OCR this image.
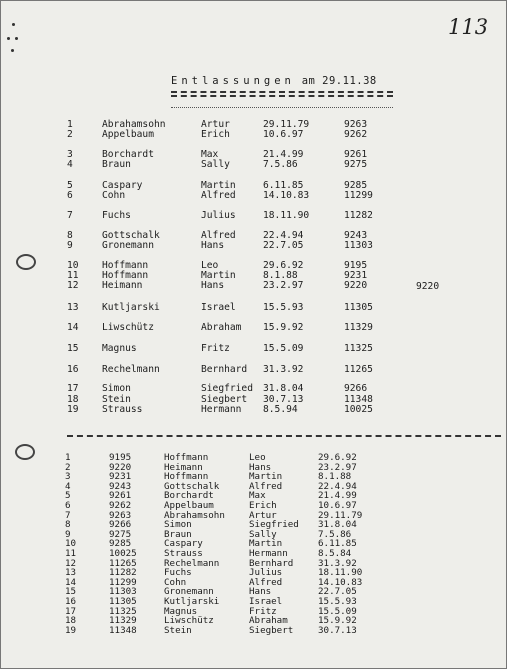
113
Entlassungen am 29.11.38
1	Abrahamsohn	Artur	29.11.79	9263
2	Appelbaum	Erich	10.6.97	9262
3	Borchardt	Max	21.4.99	9261
4	Braun	Sally	7.5.86	9275
5	Caspary	Martin	6.11.85	9285
6	Cohn	Alfred	14.10.83	11299
7	Fuchs	Julius	18.11.90	11282
8	Gottschalk	Alfred	22.4.94	9243
9	Gronemann	Hans	22.7.05	11303
10	Hoffmann	Leo	29.6.92	9195
11	Hoffmann	Martin	8.1.88	9231
12	Heimann	Hans	23.2.97	9220
13	Kutljarski	Israel	15.5.93	11305
14	Liwschütz	Abraham 15.9.92	11329
15	Magnus	Fritz	15.5.09	11325
16	Rechelmann	Bernhard 31.3.92	11265
17	Simon	Siegfried 31.8.04	9266
18	Stein	Siegbert 30.7.13	11348
19	Strauss	Hermann 8.5.94	10025
9220
1	9195	Hoffmann	Leo	29.6.92
2	9220	Heimann	Hans	23.2.97
3	9231	Hoffmann	Martin	8.1.88
4	9243	Gottschalk	Alfred	22.4.94
5	9261	Borchardt	Max	21.4.99
6	9262	Appelbaum	Erich	10.6.97
7	9263	Abrahamsohn	Artur	29.11.79
8	9266	Simon	Siegfried 31.8.04
9	9275	Braun	Sally	7.5.86
10	9285	Caspary	Martin	6.11.85
11	10025	Strauss	Hermann	8.5.84
12	11265	Rechelmann	Bernhard	31.3.92
13	11282	Fuchs	Julius	18.11.90
14	11299	Cohn	Alfred	14.10.83
15	11303	Gronemann	Hans	22.7.05
16	11305	Kutljarski	Israel	15.5.93
17	11325	Magnus	Fritz	15.5.09
18	11329	Liwschütz	Abraham	15.9.92
19	11348	Stein	Siegbert	30.7.13
